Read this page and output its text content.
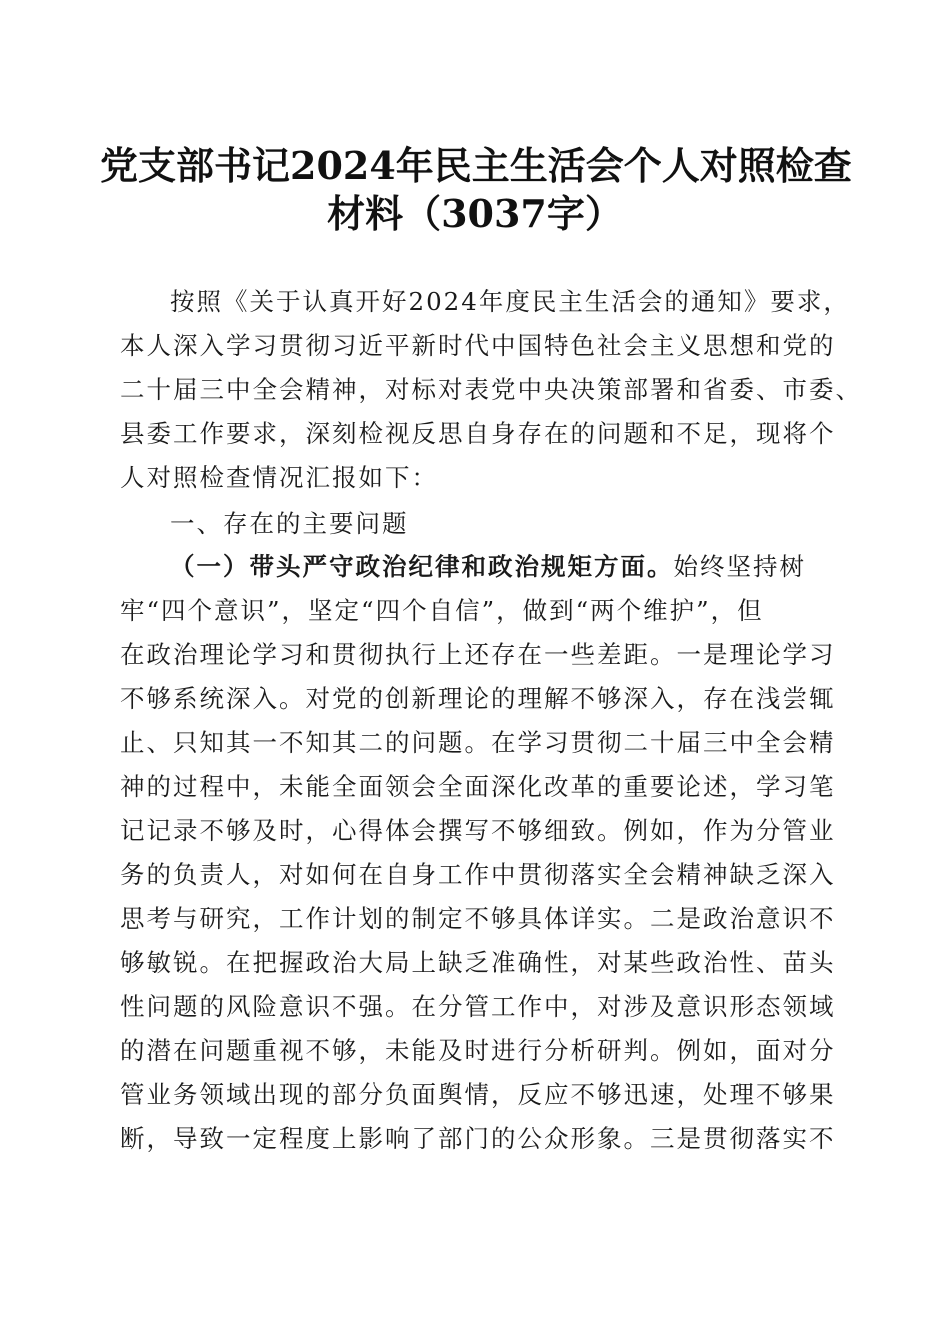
党支部书记2024年民主生活会个人对照检查
材料（3037字）
按照《关于认真开好2024年度民主生活会的通知》要求，
本人深入学习贯彻习近平新时代中国特色社会主义思想和党的
二十届三中全会精神，对标对表党中央决策部署和省委、市委、
县委工作要求，深刻检视反思自身存在的问题和不足，现将个
人对照检查情况汇报如下：
一、存在的主要问题
（一）带头严守政治纪律和政治规矩方面。始终坚持树
牢“四个意识”，坚定“四个自信”，做到“两个维护”，但
在政治理论学习和贯彻执行上还存在一些差距。一是理论学习
不够系统深入。对党的创新理论的理解不够深入，存在浅尝辄
止、只知其一不知其二的问题。在学习贯彻二十届三中全会精
神的过程中，未能全面领会全面深化改革的重要论述，学习笔
记记录不够及时，心得体会撰写不够细致。例如，作为分管业
务的负责人，对如何在自身工作中贯彻落实全会精神缺乏深入
思考与研究，工作计划的制定不够具体详实。二是政治意识不
够敏锐。在把握政治大局上缺乏准确性，对某些政治性、苗头
性问题的风险意识不强。在分管工作中，对涉及意识形态领域
的潜在问题重视不够，未能及时进行分析研判。例如，面对分
管业务领域出现的部分负面舆情，反应不够迅速，处理不够果
断，导致一定程度上影响了部门的公众形象。三是贯彻落实不
